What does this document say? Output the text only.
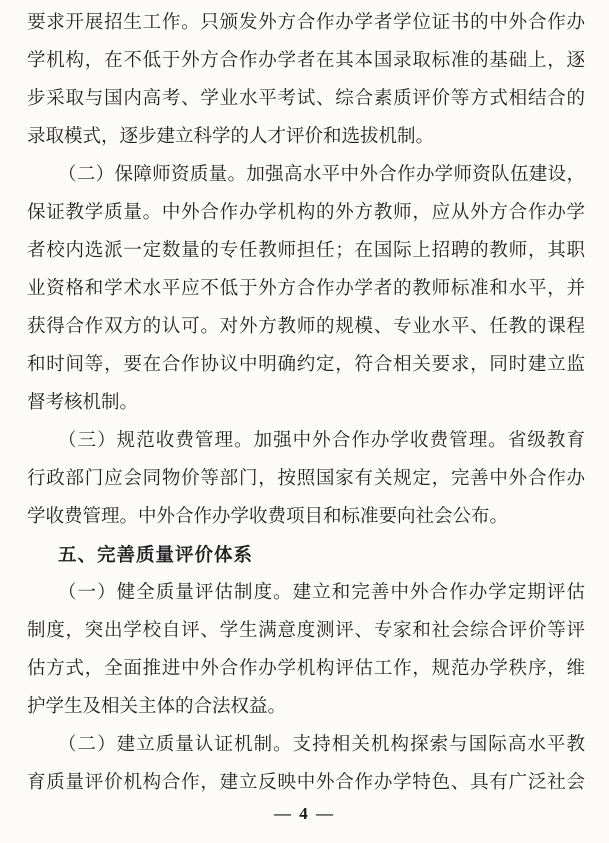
要求开展招生工作。只颁发外方合作办学者学位证书的中外合作办
学机构，在不低于外方合作办学者在其本国录取标准的基础上，逐
步采取与国内高考、学业水平考试、综合素质评价等方式相结合的
录取模式，逐步建立科学的人才评价和选拔机制。
（二）保障师资质量。加强高水平中外合作办学师资队伍建设，
保证教学质量。中外合作办学机构的外方教师，应从外方合作办学
者校内选派一定数量的专任教师担任；在国际上招聘的教师，其职
业资格和学术水平应不低于外方合作办学者的教师标准和水平，并
获得合作双方的认可。对外方教师的规模、专业水平、任教的课程
和时间等，要在合作协议中明确约定，符合相关要求，同时建立监
督考核机制。
（三）规范收费管理。加强中外合作办学收费管理。省级教育
行政部门应会同物价等部门，按照国家有关规定，完善中外合作办
学收费管理。中外合作办学收费项目和标准要向社会公布。
五、完善质量评价体系
（一）健全质量评估制度。建立和完善中外合作办学定期评估
制度，突出学校自评、学生满意度测评、专家和社会综合评价等评
估方式，全面推进中外合作办学机构评估工作，规范办学秩序，维
护学生及相关主体的合法权益。
（二）建立质量认证机制。支持相关机构探索与国际高水平教
育质量评价机构合作，建立反映中外合作办学特色、具有广泛社会
— 4 —
